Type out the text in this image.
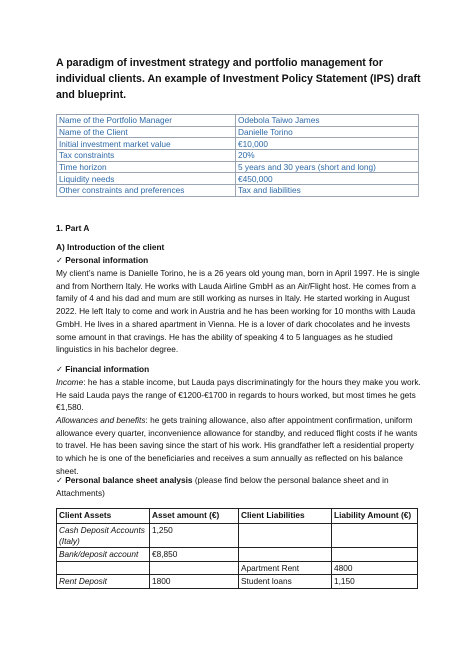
A paradigm of investment strategy and portfolio management for individual clients. An example of Investment Policy Statement (IPS) draft and blueprint.
Name of the Portfolio Manager	Odebola Taiwo James
Name of the Client	Danielle Torino
Initial investment market value	€10,000
Tax constraints	20%
Time horizon	5 years and 30 years (short and long)
Liquidity needs	€450,000
Other constraints and preferences	Tax and liabilities

1. Part A

A) Introduction of the client

✓ Personal information

My client’s name is Danielle Torino, he is a 26 years old young man, born in April 1997. He is single and from Northern Italy. He works with Lauda Airline GmbH as an Air/Flight host. He comes from a family of 4 and his dad and mum are still working as nurses in Italy. He started working in August 2022. He left Italy to come and work in Austria and he has been working for 10 months with Lauda GmbH. He lives in a shared apartment in Vienna. He is a lover of dark chocolates and he invests some amount in that cravings. He has the ability of speaking 4 to 5 languages as he studied linguistics in his bachelor degree.

✓ Financial information

Income: he has a stable income, but Lauda pays discriminatingly for the hours they make you work. He said Lauda pays the range of €1200-€1700 in regards to hours worked, but most times he gets €1,580.

Allowances and benefits: he gets training allowance, also after appointment confirmation, uniform allowance every quarter, inconvenience allowance for standby, and reduced flight costs if he wants to travel. He has been saving since the start of his work. His grandfather left a residential property to which he is one of the beneficiaries and receives a sum annually as reflected on his balance sheet.

✓ Personal balance sheet analysis (please find below the personal balance sheet and in Attachments)

Client Assets	Asset amount (€)	Client Liabilities	Liability Amount (€)
Cash Deposit Accounts (Italy)	1,250		
Bank/deposit account	€8,850		
		Apartment Rent	4800
Rent Deposit	1800	Student loans	1,150
